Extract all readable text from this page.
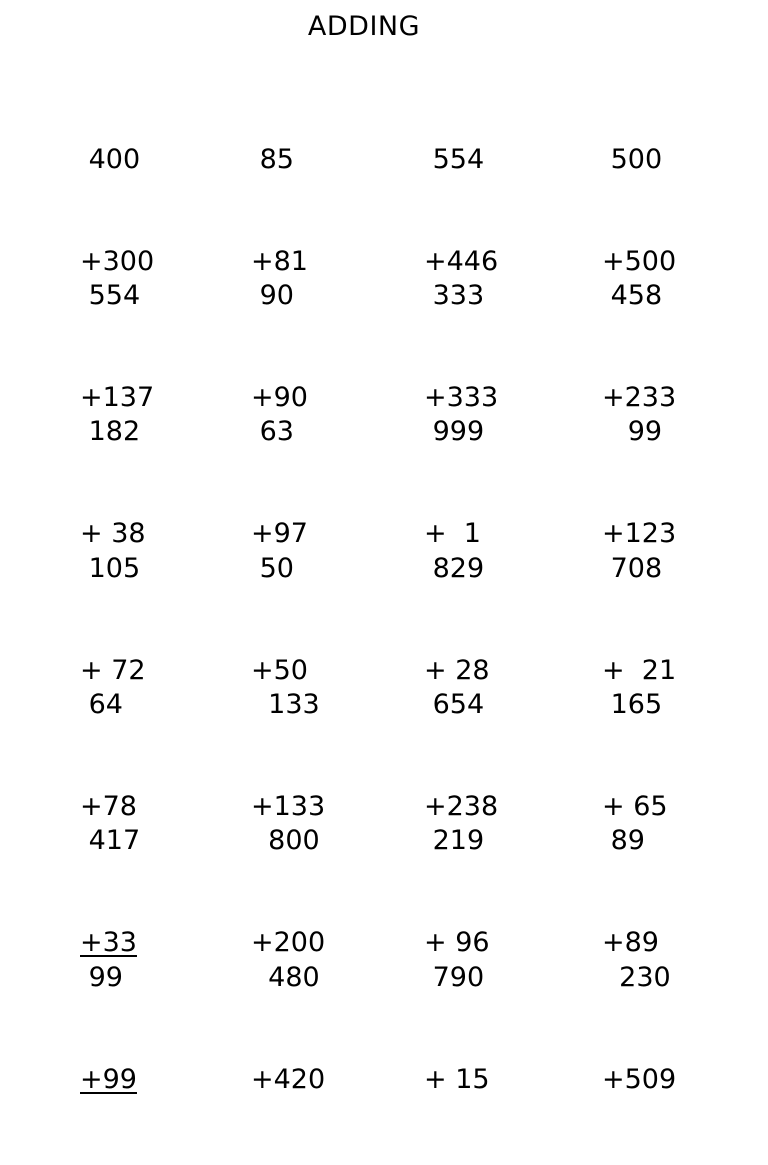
ADDING

400

+300

85

+81

554

+446

500

+500

554

+137

90

+90

333

+333

458

+233

182

+ 38

63

+97

999

+  1

99

+123

105

+ 72

50

+50

829

+ 28

708

+  21

64

+78

133

+133

654

+238

165

+ 65

417

+33

800

+200

219

+ 96

89

+89

99

+99

480

+420

790

+ 15

230

+509
